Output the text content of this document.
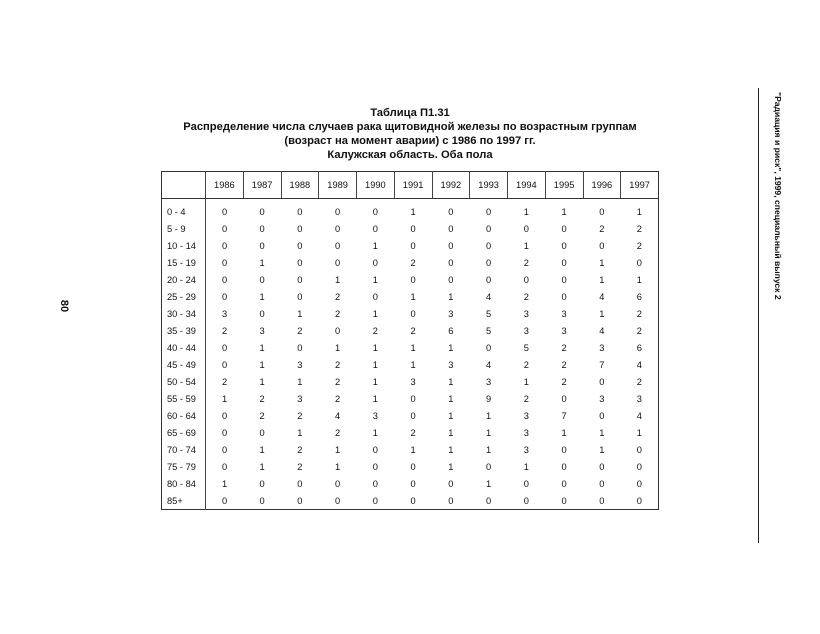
Таблица П1.31
Распределение числа случаев рака щитовидной железы по возрастным группам
(возраст на момент аварии) с 1986 по 1997 гг.
Калужская область. Оба пола
80
"Радиация и риск", 1999, специальный выпуск 2
	1986	1987	1988	1989	1990	1991	1992	1993	1994	1995	1996	1997

0 - 4	0	0	0	0	0	1	0	0	1	1	0	1
5 - 9	0	0	0	0	0	0	0	0	0	0	2	2
10 - 14	0	0	0	0	1	0	0	0	1	0	0	2
15 - 19	0	1	0	0	0	2	0	0	2	0	1	0
20 - 24	0	0	0	1	1	0	0	0	0	0	1	1
25 - 29	0	1	0	2	0	1	1	4	2	0	4	6
30 - 34	3	0	1	2	1	0	3	5	3	3	1	2
35 - 39	2	3	2	0	2	2	6	5	3	3	4	2
40 - 44	0	1	0	1	1	1	1	0	5	2	3	6
45 - 49	0	1	3	2	1	1	3	4	2	2	7	4
50 - 54	2	1	1	2	1	3	1	3	1	2	0	2
55 - 59	1	2	3	2	1	0	1	9	2	0	3	3
60 - 64	0	2	2	4	3	0	1	1	3	7	0	4
65 - 69	0	0	1	2	1	2	1	1	3	1	1	1
70 - 74	0	1	2	1	0	1	1	1	3	0	1	0
75 - 79	0	1	2	1	0	0	1	0	1	0	0	0
80 - 84	1	0	0	0	0	0	0	1	0	0	0	0
85+	0	0	0	0	0	0	0	0	0	0	0	0
